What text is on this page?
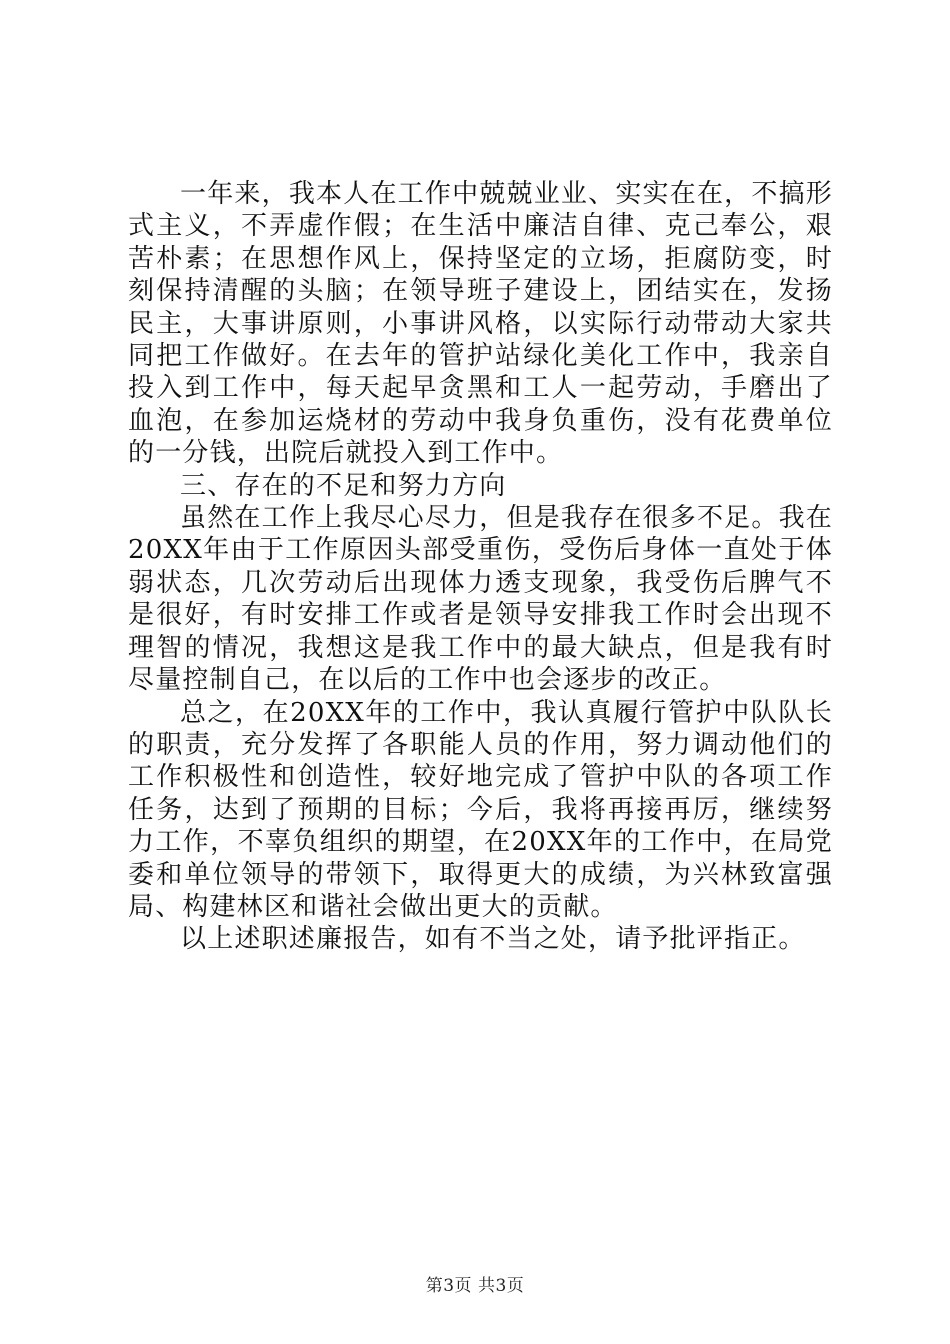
一年来，我本人在工作中兢兢业业、实实在在，不搞形式主义，不弄虚作假；在生活中廉洁自律、克己奉公，艰苦朴素；在思想作风上，保持坚定的立场，拒腐防变，时刻保持清醒的头脑；在领导班子建设上，团结实在，发扬民主，大事讲原则，小事讲风格，以实际行动带动大家共同把工作做好。在去年的管护站绿化美化工作中，我亲自投入到工作中，每天起早贪黑和工人一起劳动，手磨出了血泡，在参加运烧材的劳动中我身负重伤，没有花费单位的一分钱，出院后就投入到工作中。

三、存在的不足和努力方向

虽然在工作上我尽心尽力，但是我存在很多不足。我在20XX年由于工作原因头部受重伤，受伤后身体一直处于体弱状态，几次劳动后出现体力透支现象，我受伤后脾气不是很好，有时安排工作或者是领导安排我工作时会出现不理智的情况，我想这是我工作中的最大缺点，但是我有时尽量控制自己，在以后的工作中也会逐步的改正。

总之，在20XX年的工作中，我认真履行管护中队队长的职责，充分发挥了各职能人员的作用，努力调动他们的工作积极性和创造性，较好地完成了管护中队的各项工作任务，达到了预期的目标；今后，我将再接再厉，继续努力工作，不辜负组织的期望，在20XX年的工作中，在局党委和单位领导的带领下，取得更大的成绩，为兴林致富强局、构建林区和谐社会做出更大的贡献。

以上述职述廉报告，如有不当之处，请予批评指正。

第3页 共3页
